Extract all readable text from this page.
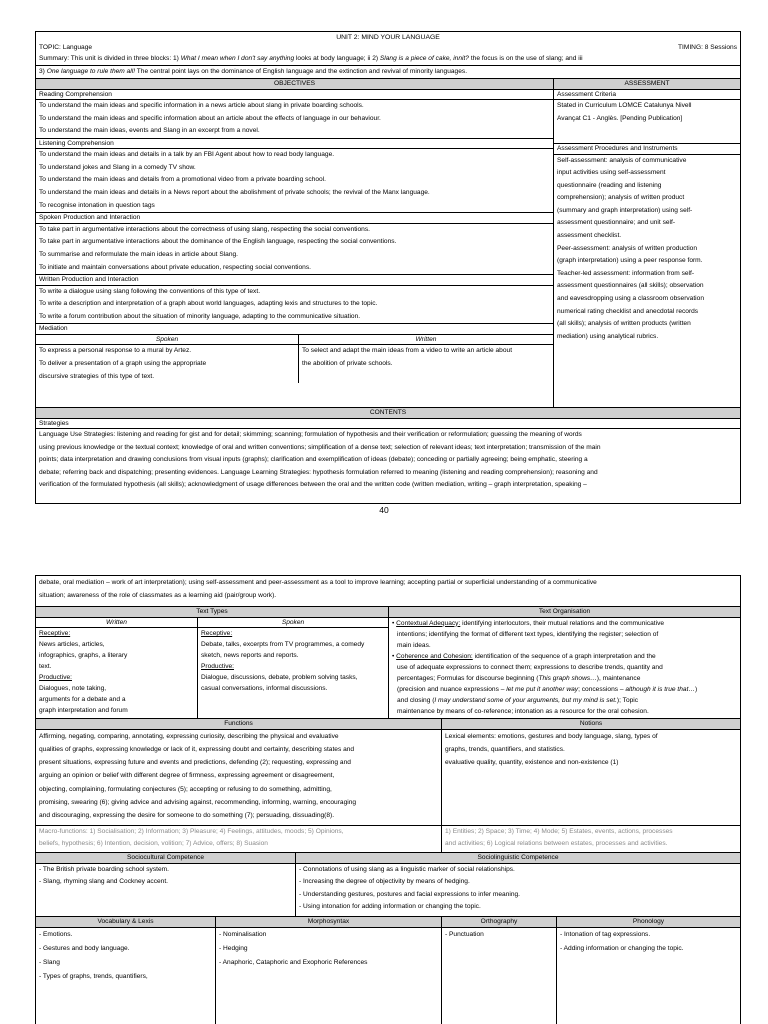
UNIT 2: MIND YOUR LANGUAGE
TOPIC: Language	TIMING: 8 Sessions
Summary: This unit is divided in three blocks: 1) What I mean when I don't say anything looks at body language; ii 2) Slang is a piece of cake, innit? the focus is on the use of slang; and iii
3) One language to rule them all! The central point lays on the dominance of English language and the extinction and revival of minority languages.
OBJECTIVES
Reading Comprehension
To understand the main ideas and specific information in a news article about slang in private boarding schools.
To understand the main ideas and specific information about an article about the effects of language in our behaviour.
To understand the main ideas, events and Slang in an excerpt from a novel.
Listening Comprehension
To understand the main ideas and details in a talk by an FBI Agent about how to read body language.
To understand jokes and Slang in a comedy TV show.
To understand the main ideas and details from a promotional video from a private boarding school.
To understand the main ideas and details in a News report about the abolishment of private schools; the revival of the Manx language.
To recognise intonation in question tags
Spoken Production and Interaction
To take part in argumentative interactions about the correctness of using slang, respecting the social conventions.
To take part in argumentative interactions about the dominance of the English language, respecting the social conventions.
To summarise and reformulate the main ideas in article about Slang.
To initiate and maintain conversations about private education, respecting social conventions.
Written Production and Interaction
To write a dialogue using slang following the conventions of this type of text.
To write a description and interpretation of a graph about world languages, adapting lexis and structures to the topic.
To write a forum contribution about the situation of minority language, adapting to the communicative situation.
Mediation
Spoken
To express a personal response to a mural by Artez.
To deliver a presentation of a graph using the appropriate
discursive strategies of this type of text.
Written
To select and adapt the main ideas from a video to write an article about
the abolition of private schools.
ASSESSMENT
Assessment Criteria
Stated in Curriculum LOMCE Catalunya Nivell
Avançat C1 - Anglès. [Pending Publication]
Assessment Procedures and Instruments
Self-assessment: analysis of communicative
input activities using self-assessment
questionnaire (reading and listening
comprehension); analysis of written product
(summary and graph interpretation) using self-
assessment questionnaire; and unit self-
assessment checklist.
Peer-assessment: analysis of written production
(graph interpretation) using a peer response form.
Teacher-led assessment: information from self-
assessment questionnaires (all skills); observation
and eavesdropping using a classroom observation
numerical rating checklist and anecdotal records
(all skills); analysis of written products (written
mediation) using analytical rubrics.
CONTENTS
Strategies
Language Use Strategies: listening and reading for gist and for detail; skimming; scanning; formulation of hypothesis and their verification or reformulation; guessing the meaning of words
using previous knowledge or the textual context; knowledge of oral and written conventions; simplification of a dense text; selection of relevant ideas; text interpretation; transmission of the main
points; data interpretation and drawing conclusions from visual inputs (graphs); clarification and exemplification of ideas (debate); conceding or partially agreeing; being emphatic, steering a
debate; referring back and dispatching; presenting evidences. Language Learning Strategies: hypothesis formulation referred to meaning (listening and reading comprehension); reasoning and
verification of the formulated hypothesis (all skills); acknowledgment of usage differences between the oral and the written code (written mediation, writing – graph interpretation, speaking –
40
debate, oral mediation – work of art interpretation); using self-assessment and peer-assessment as a tool to improve learning; accepting partial or superficial understanding of a communicative
situation; awareness of the role of classmates as a learning aid (pair/group work).
Text Types
Written
Receptive:
News articles, articles,
infographics, graphs, a literary
text.
Productive:
Dialogues, note taking,
arguments for a debate and a
graph interpretation and forum
Spoken
Receptive:
Debate, talks, excerpts from TV programmes, a comedy
sketch, news reports and reports.
Productive:
Dialogue, discussions, debate, problem solving tasks,
casual conversations, informal discussions.
Text Organisation
• Contextual Adequacy: identifying interlocutors, their mutual relations and the communicative
intentions; identifying the format of different text types, identifying the register; selection of
main ideas.
• Coherence and Cohesion: identification of the sequence of a graph interpretation and the
use of adequate expressions to connect them; expressions to describe trends, quantity and
percentages; Formulas for discourse beginning (This graph shows…), maintenance
(precision and nuance expressions – let me put it another way; concessions – although it is true that…)
and closing (I may understand some of your arguments, but my mind is set.); Topic
maintenance by means of co-reference; intonation as a resource for the oral cohesion.
Functions
Affirming, negating, comparing, annotating, expressing curiosity, describing the physical and evaluative
qualities of graphs, expressing knowledge or lack of it, expressing doubt and certainty, describing states and
present situations, expressing future and events and predictions, defending (2); requesting, expressing and
arguing an opinion or belief with different degree of firmness, expressing agreement or disagreement,
objecting, complaining, formulating conjectures (5); accepting or refusing to do something, admitting,
promising, swearing (6); giving advice and advising against, recommending, informing, warning, encouraging
and discouraging, expressing the desire for someone to do something (7); persuading, dissuading(8).
Macro-functions: 1) Socialisation; 2) Information; 3) Pleasure; 4) Feelings, attitudes, moods; 5) Opinions,
beliefs, hypothesis; 6) Intention, decision, volition; 7) Advice, offers; 8) Suasion
Notions
Lexical elements: emotions, gestures and body language, slang, types of
graphs, trends, quantifiers, and statistics.
evaluative quality, quantity, existence and non-existence (1)
1) Entities; 2) Space; 3) Time; 4) Mode; 5) Estates, events, actions, processes
and activities; 6) Logical relations between estates, processes and activities.
Sociocultural Competence
- The British private boarding school system.
- Slang, rhyming slang and Cockney accent.
Sociolinguistic Competence
- Connotations of using slang as a linguistic marker of social relationships.
- Increasing the degree of objectivity by means of hedging.
- Understanding gestures, postures and facial expressions to infer meaning.
- Using intonation for adding information or changing the topic.
Vocabulary & Lexis
- Emotions.
- Gestures and body language.
- Slang
- Types of graphs, trends, quantifiers,
Morphosyntax
- Nominalisation
- Hedging
- Anaphoric, Cataphoric and Exophoric References
Orthography
- Punctuation
Phonology
- Intonation of tag expressions.
- Adding information or changing the topic.
